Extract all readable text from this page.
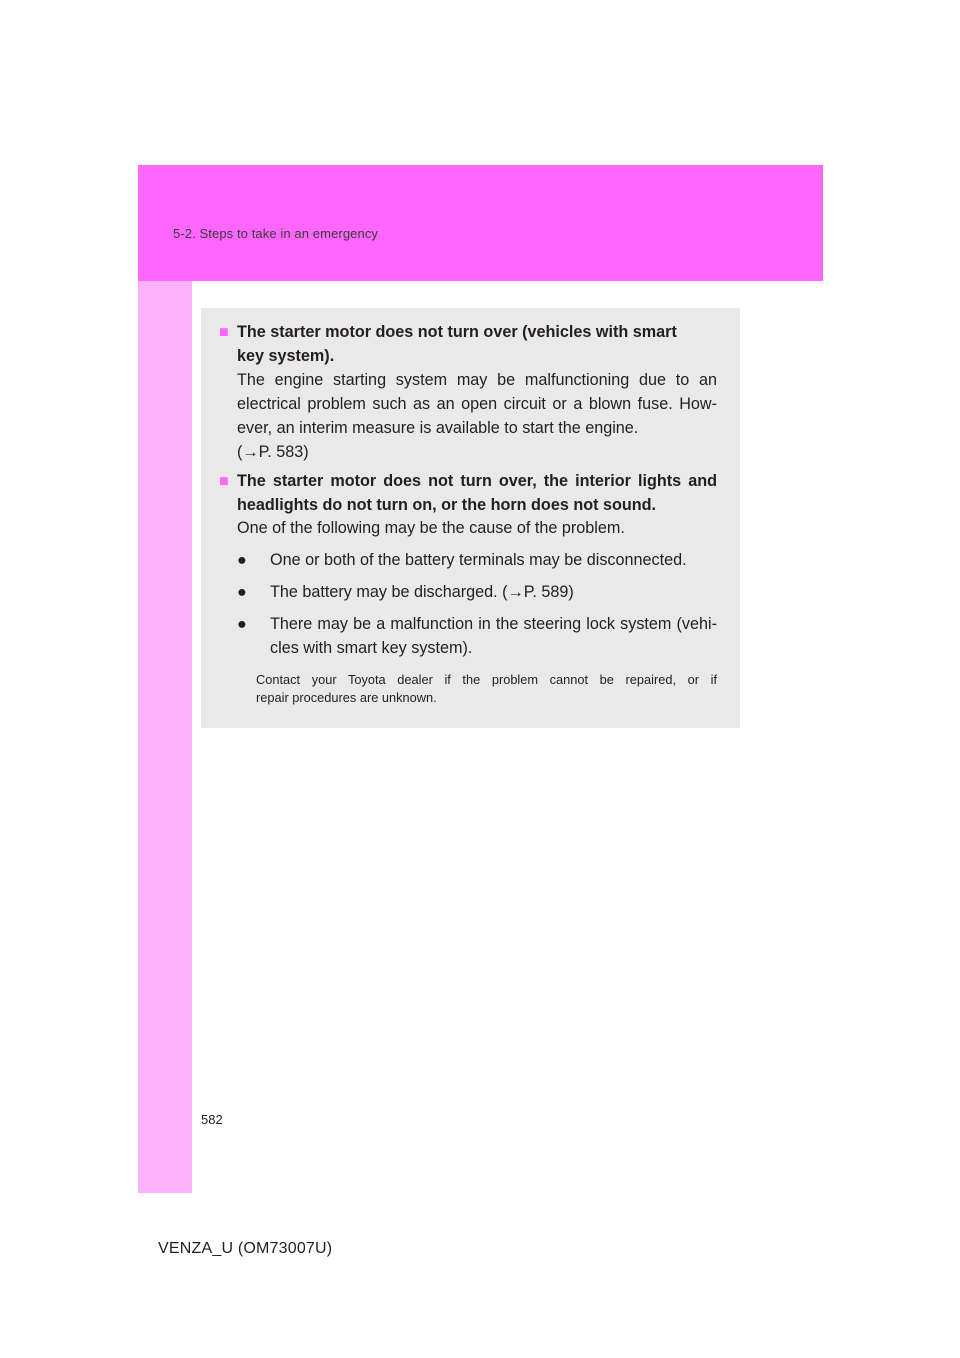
5-2. Steps to take in an emergency
■ The starter motor does not turn over (vehicles with smart
key system).
The engine starting system may be malfunctioning due to an
electrical problem such as an open circuit or a blown fuse. How-
ever, an interim measure is available to start the engine.
(→P. 583)
■ The starter motor does not turn over, the interior lights and
headlights do not turn on, or the horn does not sound.
One of the following may be the cause of the problem.
●	One or both of the battery terminals may be disconnected.
●	The battery may be discharged. (→P. 589)
●	There may be a malfunction in the steering lock system (vehi-
cles with smart key system).
Contact your Toyota dealer if the problem cannot be repaired, or if
repair procedures are unknown.
582
VENZA_U (OM73007U)
